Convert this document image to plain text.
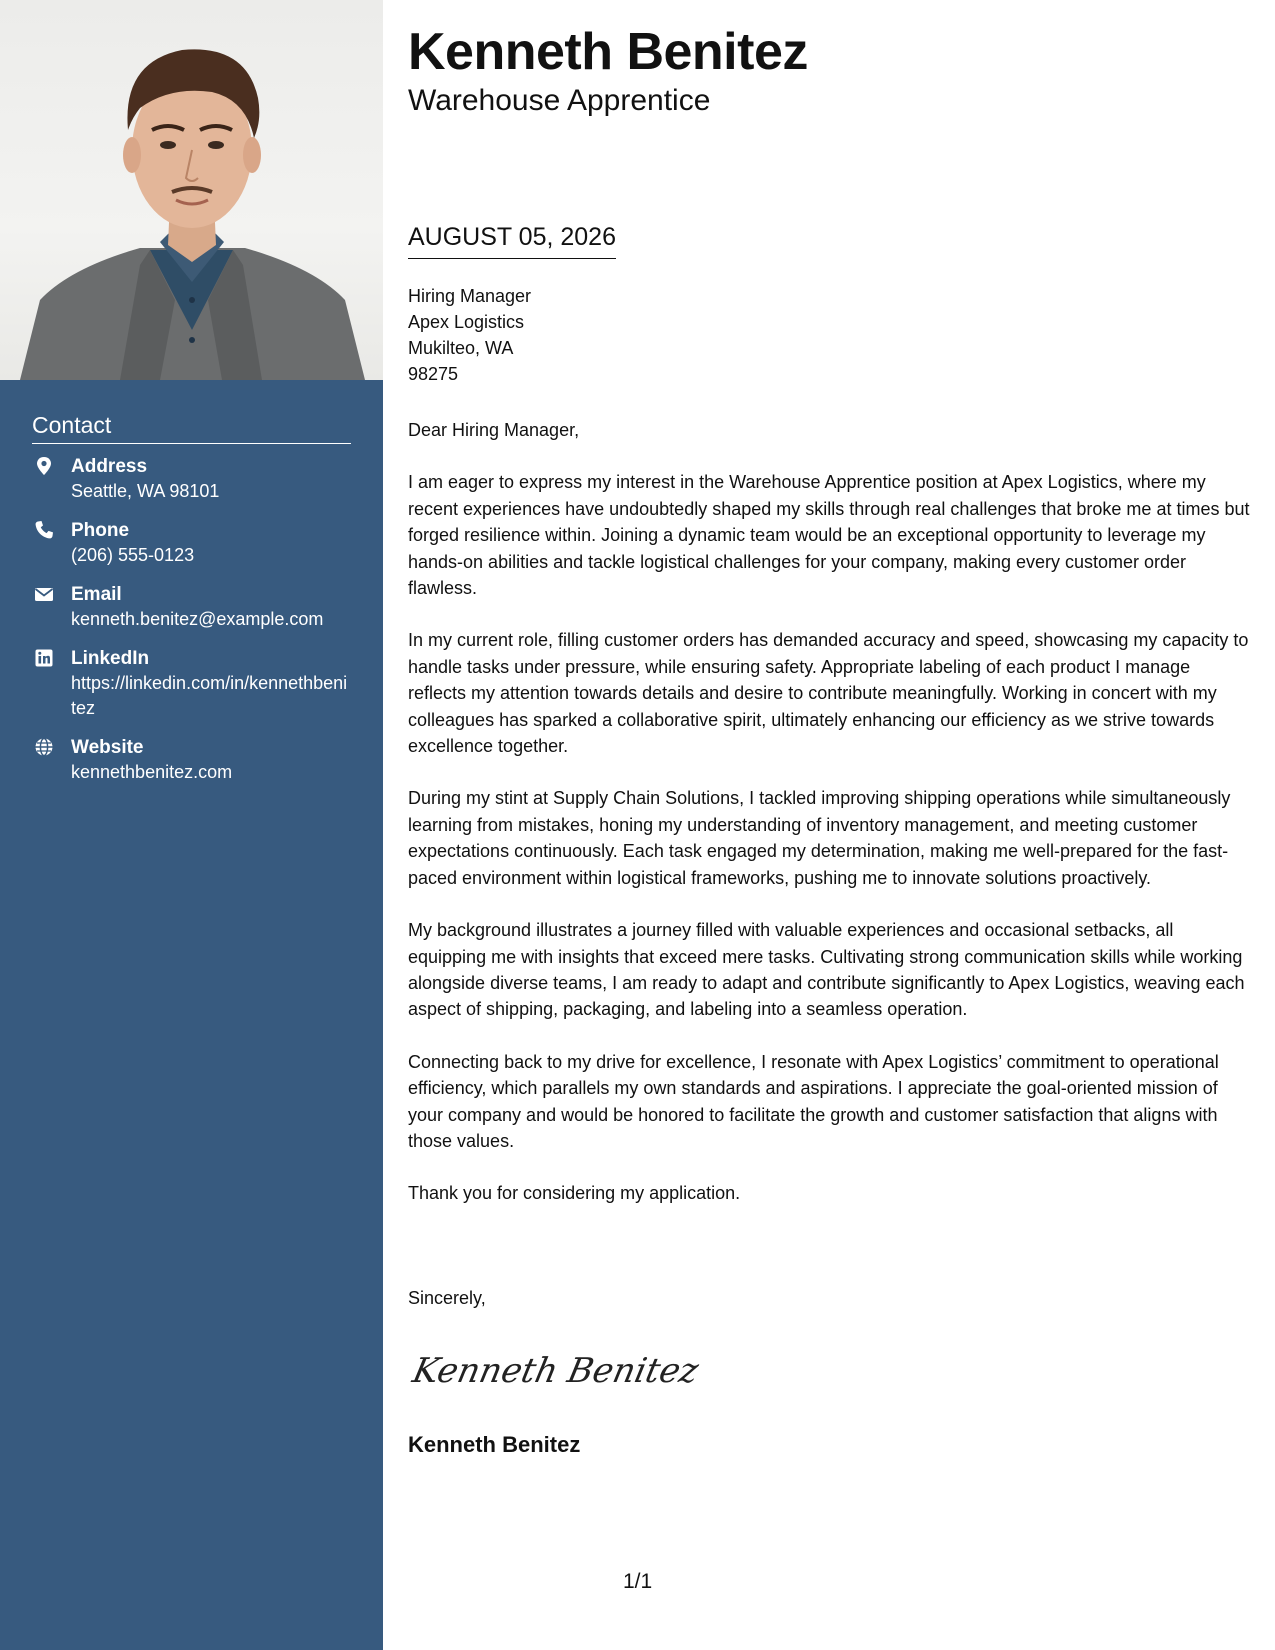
Contact
Address
Seattle, WA 98101
Phone
(206) 555-0123
Email
kenneth.benitez@example.com
LinkedIn
https://linkedin.com/in/kennethbenitez
Website
kennethbenitez.com
Kenneth Benitez
Warehouse Apprentice
AUGUST 05, 2026
Hiring Manager
Apex Logistics
Mukilteo, WA
98275

Dear Hiring Manager,

I am eager to express my interest in the Warehouse Apprentice position at Apex Logistics, where my recent experiences have undoubtedly shaped my skills through real challenges that broke me at times but forged resilience within. Joining a dynamic team would be an exceptional opportunity to leverage my hands-on abilities and tackle logistical challenges for your company, making every customer order flawless.

In my current role, filling customer orders has demanded accuracy and speed, showcasing my capacity to handle tasks under pressure, while ensuring safety. Appropriate labeling of each product I manage reflects my attention towards details and desire to contribute meaningfully. Working in concert with my colleagues has sparked a collaborative spirit, ultimately enhancing our efficiency as we strive towards excellence together.

During my stint at Supply Chain Solutions, I tackled improving shipping operations while simultaneously learning from mistakes, honing my understanding of inventory management, and meeting customer expectations continuously. Each task engaged my determination, making me well-prepared for the fast-paced environment within logistical frameworks, pushing me to innovate solutions proactively.

My background illustrates a journey filled with valuable experiences and occasional setbacks, all equipping me with insights that exceed mere tasks. Cultivating strong communication skills while working alongside diverse teams, I am ready to adapt and contribute significantly to Apex Logistics, weaving each aspect of shipping, packaging, and labeling into a seamless operation.

Connecting back to my drive for excellence, I resonate with Apex Logistics’ commitment to operational efficiency, which parallels my own standards and aspirations. I appreciate the goal-oriented mission of your company and would be honored to facilitate the growth and customer satisfaction that aligns with those values.

Thank you for considering my application.

Sincerely,
Kenneth Benitez
Kenneth Benitez
1/1
